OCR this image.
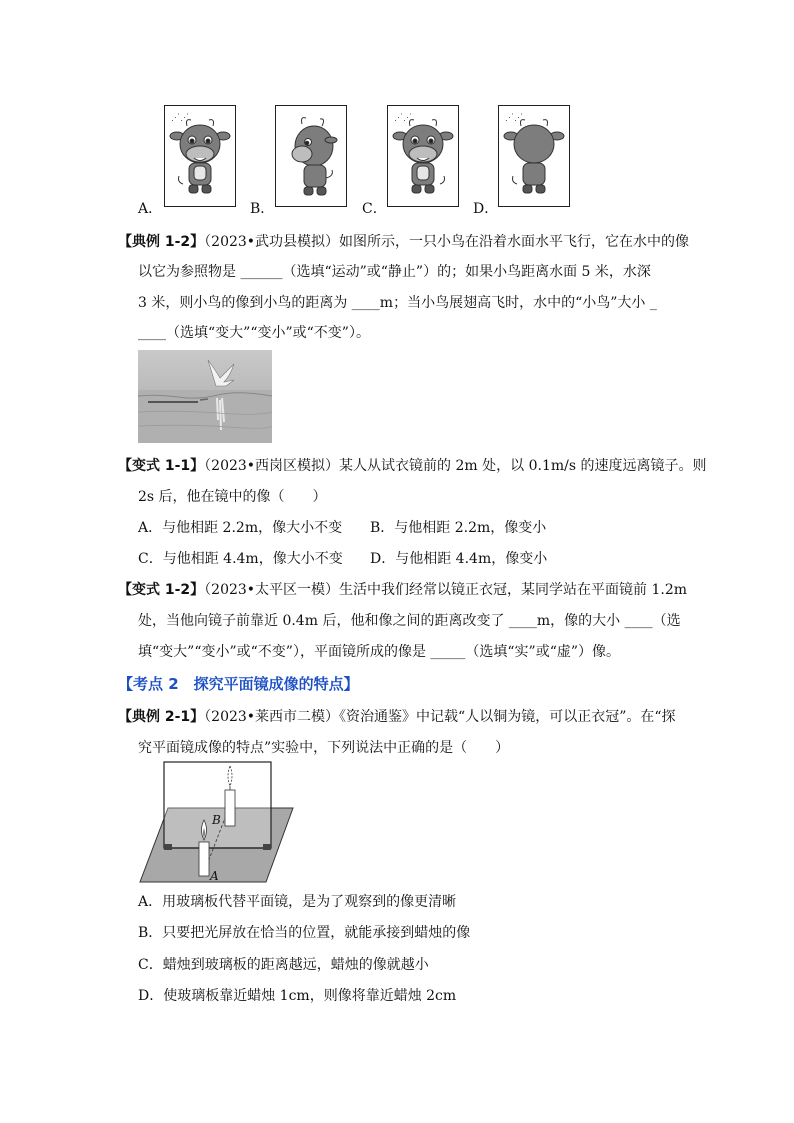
A．
⋰⋰
B．	C．
⋰⋰
D．
⋰⋰
【典例 1-2】（2023•武功县模拟）如图所示，一只小鸟在沿着水面水平飞行，它在水中的像
以它为参照物是 ______（选填“运动”或“静止”）的；如果小鸟距离水面 5 米，水深
3 米，则小鸟的像到小鸟的距离为 ____m；当小鸟展翅高飞时，水中的“小鸟”大小 _
____（选填“变大”“变小”或“不变”）。
【变式 1-1】（2023•西岗区模拟）某人从试衣镜前的 2m 处，以 0.1m/s 的速度远离镜子。则
2s 后，他在镜中的像（　　）
A．与他相距 2.2m，像大小不变 B．与他相距 2.2m，像变小
C．与他相距 4.4m，像大小不变 D．与他相距 4.4m，像变小
【变式 1-2】（2023•太平区一模）生活中我们经常以镜正衣冠，某同学站在平面镜前 1.2m
处，当他向镜子前靠近 0.4m 后，他和像之间的距离改变了 ____m，像的大小 ____（选
填“变大”“变小”或“不变”），平面镜所成的像是 _____（选填“实”或“虚”）像。
【考点 2　探究平面镜成像的特点】
【典例 2-1】（2023•莱西市二模）《资治通鉴》中记载“人以铜为镜，可以正衣冠”。在“探
究平面镜成像的特点”实验中，下列说法中正确的是（　　）
B
A
A．用玻璃板代替平面镜，是为了观察到的像更清晰
B．只要把光屏放在恰当的位置，就能承接到蜡烛的像
C．蜡烛到玻璃板的距离越远，蜡烛的像就越小
D．使玻璃板靠近蜡烛 1cm，则像将靠近蜡烛 2cm
